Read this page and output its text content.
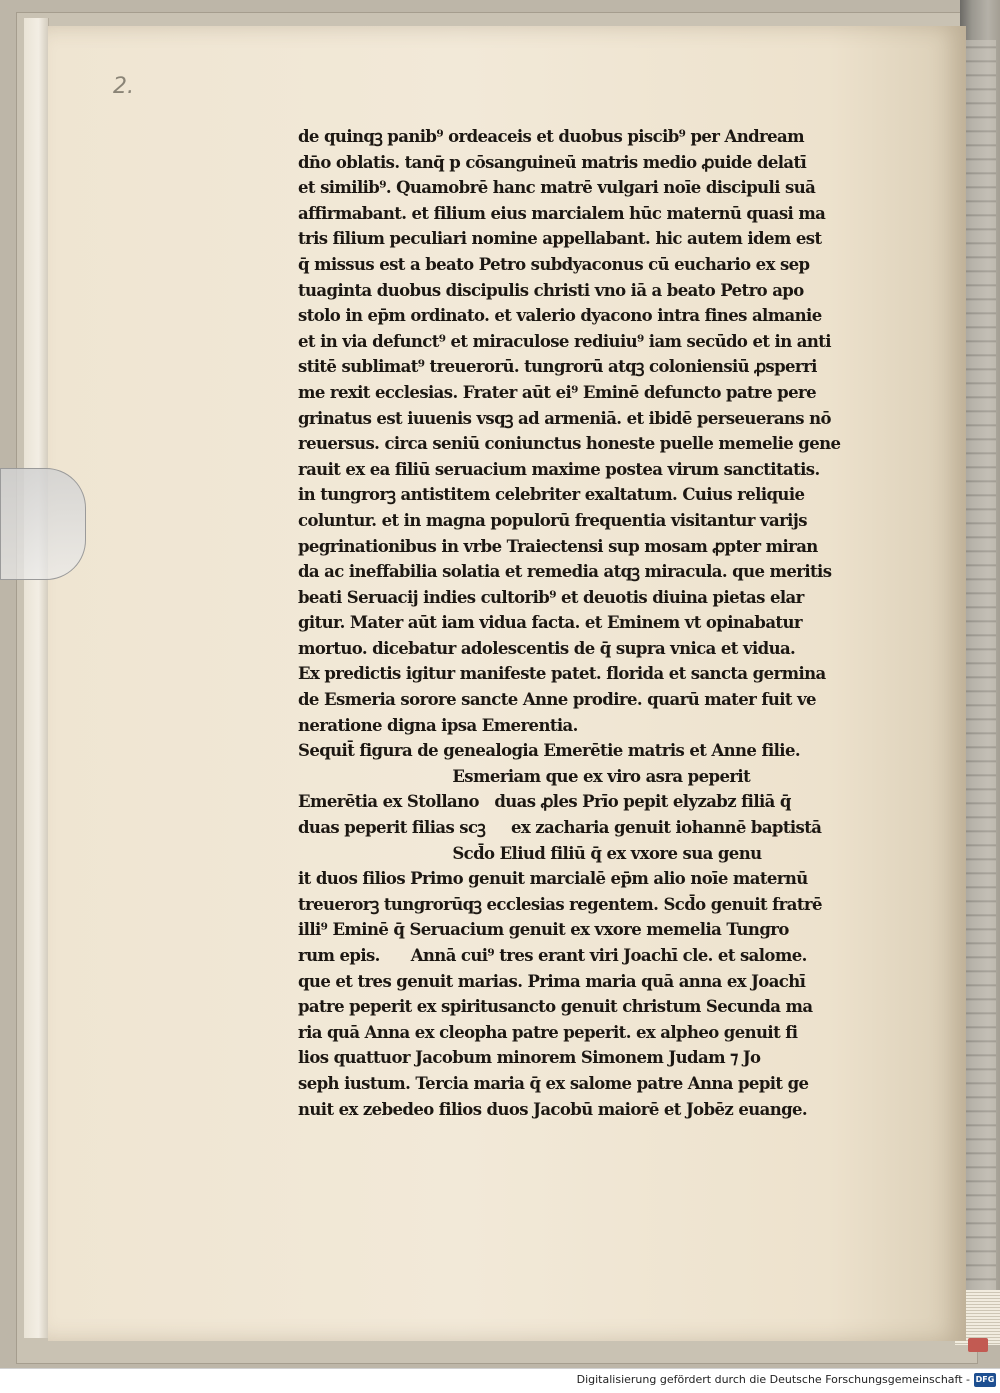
2.
de quinqꝫ panib⁹ ordeaceis et duobus piscib⁹ per Andream
dn̄o oblatis. tanq̄ p cōsanguineū matris medio ꝓuide delatī
et similib⁹. Quamobrē hanc matrē vulgari noīe discipuli suā
affirmabant. et filium eius marcialem hūc maternū quasi ma
tris filium peculiari nomine appellabant. hic autem idem est
q̄ missus est a beato Petro subdyaconus cū euchario ex sep
tuaginta duobus discipulis christi vno iā a beato Petro apo
stolo in ep̄m ordinato. et valerio dyacono intra fines almanie
et in via defunct⁹ et miraculose rediuiu⁹ iam secūdo et in anti
stitē sublimat⁹ treuerorū. tungrorū atqꝫ coloniensiū ꝓsperri
me rexit ecclesias. Frater aūt ei⁹ Eminē defuncto patre pere
grinatus est iuuenis vsqꝫ ad armeniā. et ibidē perseuerans nō
reuersus. circa seniū coniunctus honeste puelle memelie gene
rauit ex ea filiū seruacium maxime postea virum sanctitatis.
in tungrorꝫ antistitem celebriter exaltatum. Cuius reliquie
coluntur. et in magna populorū frequentia visitantur varijs
pegrinationibus in vrbe Traiectensi sup mosam ꝓpter miran
da ac ineffabilia solatia et remedia atqꝫ miracula. que meritis
beati Seruacij indies cultorib⁹ et deuotis diuina pietas elar
gitur. Mater aūt iam vidua facta. et Eminem vt opinabatur
mortuo. dicebatur adolescentis de q̄ supra vnica et vidua.
Ex predictis igitur manifeste patet. florida et sancta germina
de Esmeria sorore sancte Anne prodire. quarū mater fuit ve
neratione digna ipsa Emerentia.
Sequit̄ figura de genealogia Emerētie matris et Anne filie.
Esmeriam que ex viro asra peperit
Emerētia ex Stollano   duas ꝓles Prīo pepit elyzabz filiā q̄
duas peperit filias scꝫ     ex zacharia genuit iohannē baptistā
Scd̄o Eliud filiū q̄ ex vxore sua genu
it duos filios Primo genuit marcialē ep̄m alio noīe maternū
treuerorꝫ tungrorūqꝫ ecclesias regentem. Scd̄o genuit fratrē
illi⁹ Eminē q̄ Seruacium genuit ex vxore memelia Tungro
rum epis.      Annā cui⁹ tres erant viri Joachī cle. et salome.
que et tres genuit marias. Prima maria quā anna ex Joachī
patre peperit ex spiritusancto genuit christum Secunda ma
ria quā Anna ex cleopha patre peperit. ex alpheo genuit fi
lios quattuor Jacobum minorem Simonem Judam ⁊ Jo
seph iustum. Tercia maria q̄ ex salome patre Anna pepit ge
nuit ex zebedeo filios duos Jacobū maiorē et Jobēz euange.
Digitalisierung gefördert durch die Deutsche Forschungsgemeinschaft - DFG
